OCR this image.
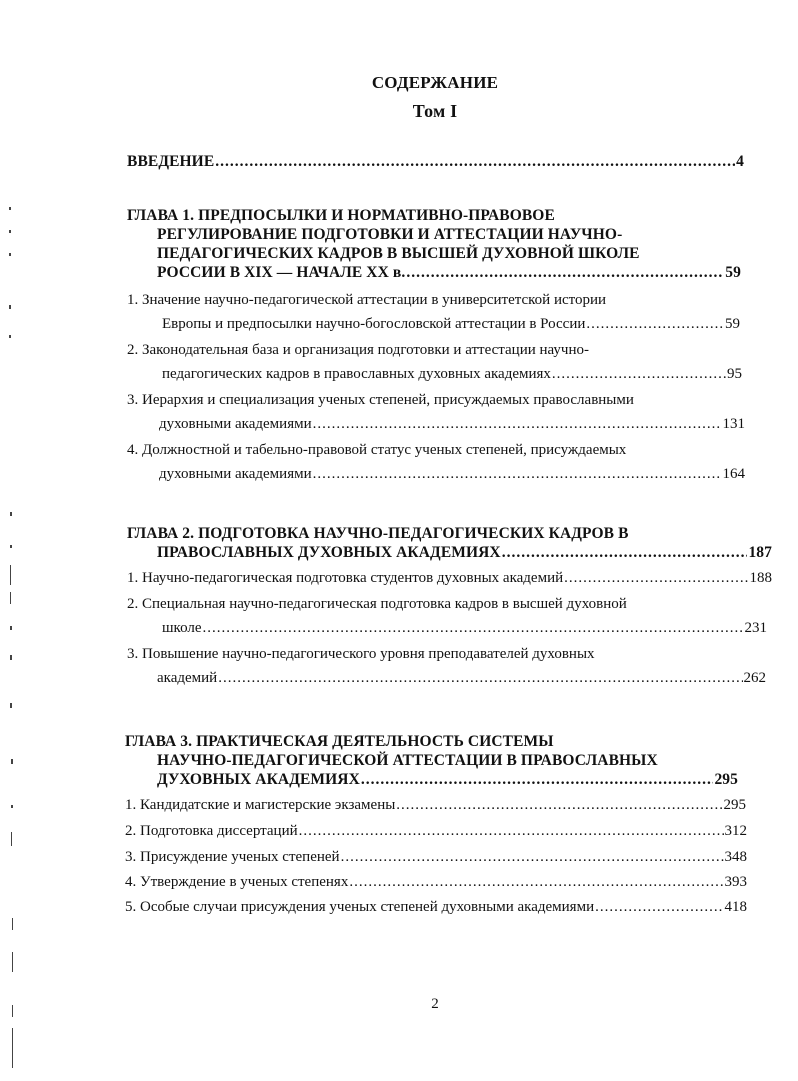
СОДЕРЖАНИЕ
Том I
ВВЕДЕНИЕ .....	4
ГЛАВА 1. ПРЕДПОСЫЛКИ И НОРМАТИВНО-ПРАВОВОЕ
РЕГУЛИРОВАНИЕ ПОДГОТОВКИ И АТТЕСТАЦИИ НАУЧНО-
ПЕДАГОГИЧЕСКИХ КАДРОВ В ВЫСШЕЙ ДУХОВНОЙ ШКОЛЕ
РОССИИ В XIX — НАЧАЛЕ XX в. .....	59
1. Значение научно-педагогической аттестации в университетской истории
Европы и предпосылки научно-богословской аттестации в России .....	59
2. Законодательная база и организация подготовки и аттестации научно-
педагогических кадров в православных духовных академиях .....	95
3. Иерархия и специализация ученых степеней, присуждаемых православными
духовными академиями .....	131
4. Должностной и табельно-правовой статус ученых степеней, присуждаемых
духовными академиями .....	164
ГЛАВА 2. ПОДГОТОВКА НАУЧНО-ПЕДАГОГИЧЕСКИХ КАДРОВ В
ПРАВОСЛАВНЫХ ДУХОВНЫХ АКАДЕМИЯХ .....	187
1. Научно-педагогическая подготовка студентов духовных академий .....	188
2. Специальная научно-педагогическая подготовка кадров в высшей духовной
школе .....	231
3. Повышение научно-педагогического уровня преподавателей духовных
академий .....	262
ГЛАВА 3. ПРАКТИЧЕСКАЯ ДЕЯТЕЛЬНОСТЬ СИСТЕМЫ
НАУЧНО-ПЕДАГОГИЧЕСКОЙ АТТЕСТАЦИИ В ПРАВОСЛАВНЫХ
ДУХОВНЫХ АКАДЕМИЯХ .....	295
1. Кандидатские и магистерские экзамены .....	295
2. Подготовка диссертаций .....	312
3. Присуждение ученых степеней .....	348
4. Утверждение в ученых степенях .....	393
5. Особые случаи присуждения ученых степеней духовными академиями .....	418
2
